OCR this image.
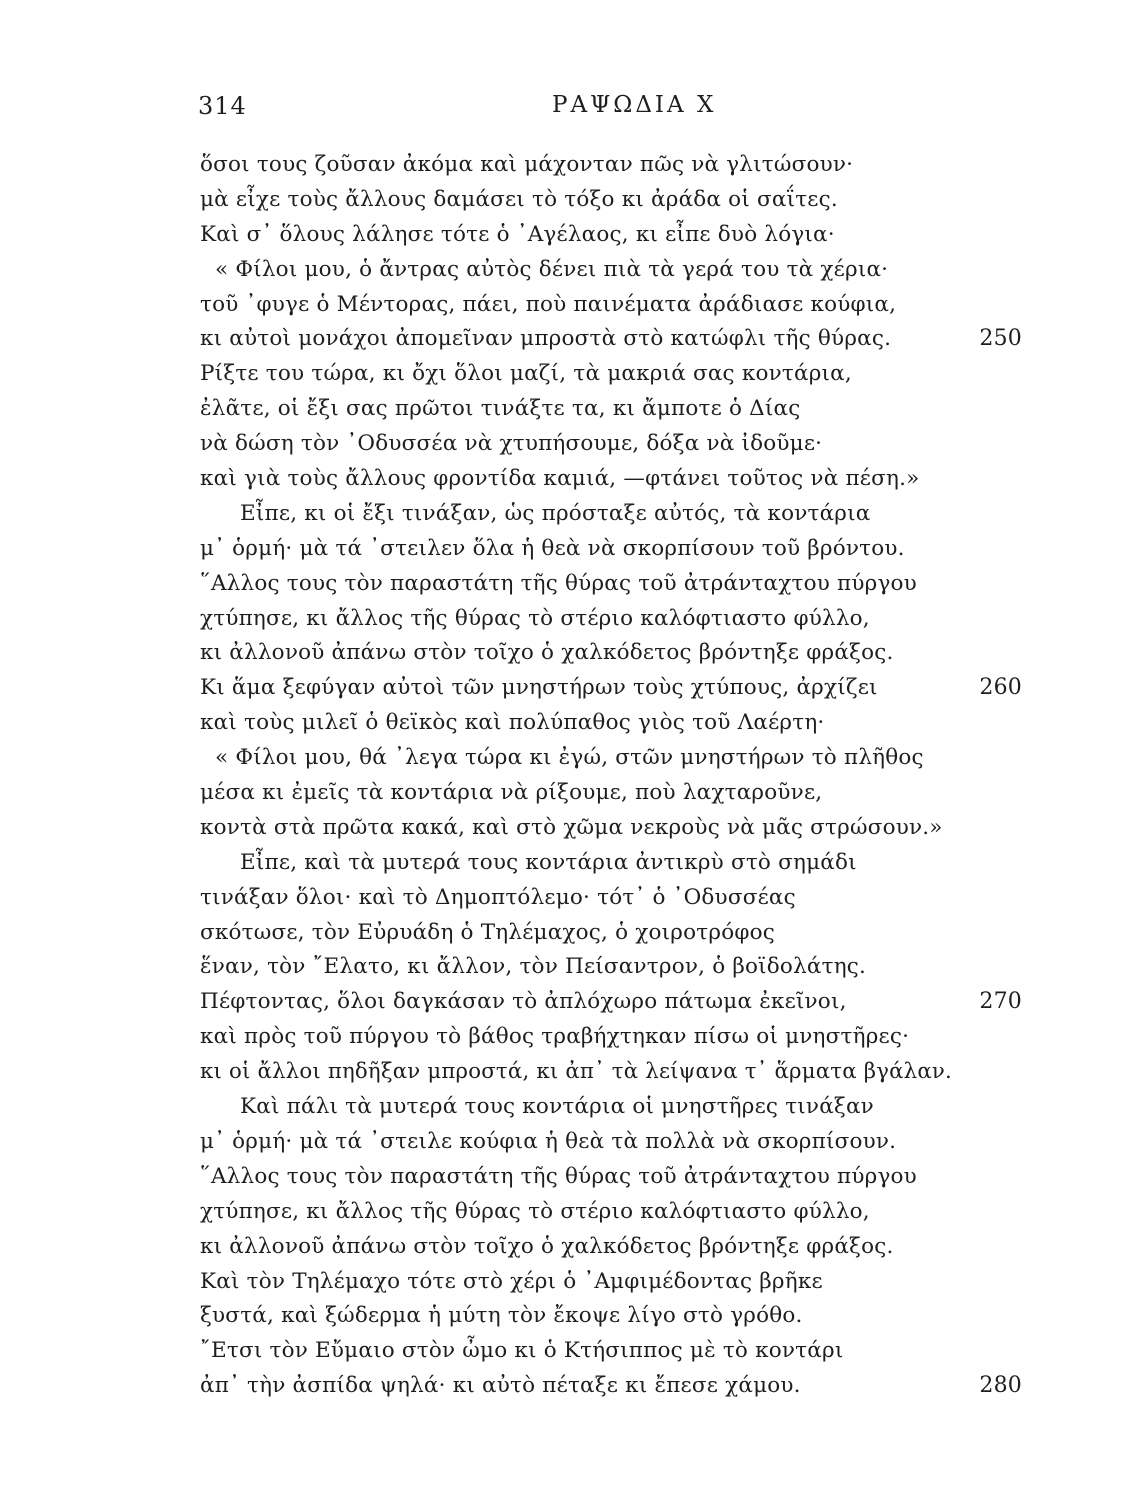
314	ΡΑΨΩΔΙΑ Χ
ὅσοι τους ζοῦσαν ἀκόμα καὶ μάχονταν πῶς νὰ γλιτώσουν·
μὰ εἶχε τοὺς ἄλλους δαμάσει τὸ τόξο κι ἀράδα οἱ σαΐτες.
Καὶ σ᾽ ὅλους λάλησε τότε ὁ ᾽Αγέλαος, κι εἶπε δυὸ λόγια·
« Φίλοι μου, ὁ ἄντρας αὐτὸς δένει πιὰ τὰ γερά του τὰ χέρια·
τοῦ ᾽φυγε ὁ Μέντορας, πάει, ποὺ παινέματα ἀράδιασε κούφια,
κι αὐτοὶ μονάχοι ἀπομεῖναν μπροστὰ στὸ κατώφλι τῆς θύρας.	250
Ρίξτε του τώρα, κι ὄχι ὅλοι μαζί, τὰ μακριά σας κοντάρια,
ἐλᾶτε, οἱ ἔξι σας πρῶτοι τινάξτε τα, κι ἄμποτε ὁ Δίας
νὰ δώση τὸν ᾽Οδυσσέα νὰ χτυπήσουμε, δόξα νὰ ἰδοῦμε·
καὶ γιὰ τοὺς ἄλλους φροντίδα καμιά, —φτάνει τοῦτος νὰ πέση.»
Εἶπε, κι οἱ ἔξι τινάξαν, ὡς πρόσταξε αὐτός, τὰ κοντάρια
μ᾽ ὁρμή· μὰ τά ᾽στειλεν ὅλα ἡ θεὰ νὰ σκορπίσουν τοῦ βρόντου.
῞Αλλος τους τὸν παραστάτη τῆς θύρας τοῦ ἀτράνταχτου πύργου
χτύπησε, κι ἄλλος τῆς θύρας τὸ στέριο καλόφτιαστο φύλλο,
κι ἀλλονοῦ ἀπάνω στὸν τοῖχο ὁ χαλκόδετος βρόντηξε φράξος.
Κι ἅμα ξεφύγαν αὐτοὶ τῶν μνηστήρων τοὺς χτύπους, ἀρχίζει	260
καὶ τοὺς μιλεῖ ὁ θεϊκὸς καὶ πολύπαθος γιὸς τοῦ Λαέρτη·
« Φίλοι μου, θά ᾽λεγα τώρα κι ἐγώ, στῶν μνηστήρων τὸ πλῆθος
μέσα κι ἐμεῖς τὰ κοντάρια νὰ ρίξουμε, ποὺ λαχταροῦνε,
κοντὰ στὰ πρῶτα κακά, καὶ στὸ χῶμα νεκροὺς νὰ μᾶς στρώσουν.»
Εἶπε, καὶ τὰ μυτερά τους κοντάρια ἀντικρὺ στὸ σημάδι
τινάξαν ὅλοι· καὶ τὸ Δημοπτόλεμο· τότ᾽ ὁ ᾽Οδυσσέας
σκότωσε, τὸν Εὐρυάδη ὁ Τηλέμαχος, ὁ χοιροτρόφος
ἕναν, τὸν ῎Ελατο, κι ἄλλον, τὸν Πείσαντρον, ὁ βοϊδολάτης.
Πέφτοντας, ὅλοι δαγκάσαν τὸ ἀπλόχωρο πάτωμα ἐκεῖνοι,	270
καὶ πρὸς τοῦ πύργου τὸ βάθος τραβήχτηκαν πίσω οἱ μνηστῆρες·
κι οἱ ἄλλοι πηδῆξαν μπροστά, κι ἀπ᾽ τὰ λείψανα τ᾽ ἅρματα βγάλαν.
Καὶ πάλι τὰ μυτερά τους κοντάρια οἱ μνηστῆρες τινάξαν
μ᾽ ὁρμή· μὰ τά ᾽στειλε κούφια ἡ θεὰ τὰ πολλὰ νὰ σκορπίσουν.
῞Αλλος τους τὸν παραστάτη τῆς θύρας τοῦ ἀτράνταχτου πύργου
χτύπησε, κι ἄλλος τῆς θύρας τὸ στέριο καλόφτιαστο φύλλο,
κι ἀλλονοῦ ἀπάνω στὸν τοῖχο ὁ χαλκόδετος βρόντηξε φράξος.
Καὶ τὸν Τηλέμαχο τότε στὸ χέρι ὁ ᾽Αμφιμέδοντας βρῆκε
ξυστά, καὶ ξώδερμα ἡ μύτη τὸν ἔκοψε λίγο στὸ γρόθο.
῎Ετσι τὸν Εὔμαιο στὸν ὦμο κι ὁ Κτήσιππος μὲ τὸ κοντάρι
ἀπ᾽ τὴν ἀσπίδα ψηλά· κι αὐτὸ πέταξε κι ἔπεσε χάμου.	280
